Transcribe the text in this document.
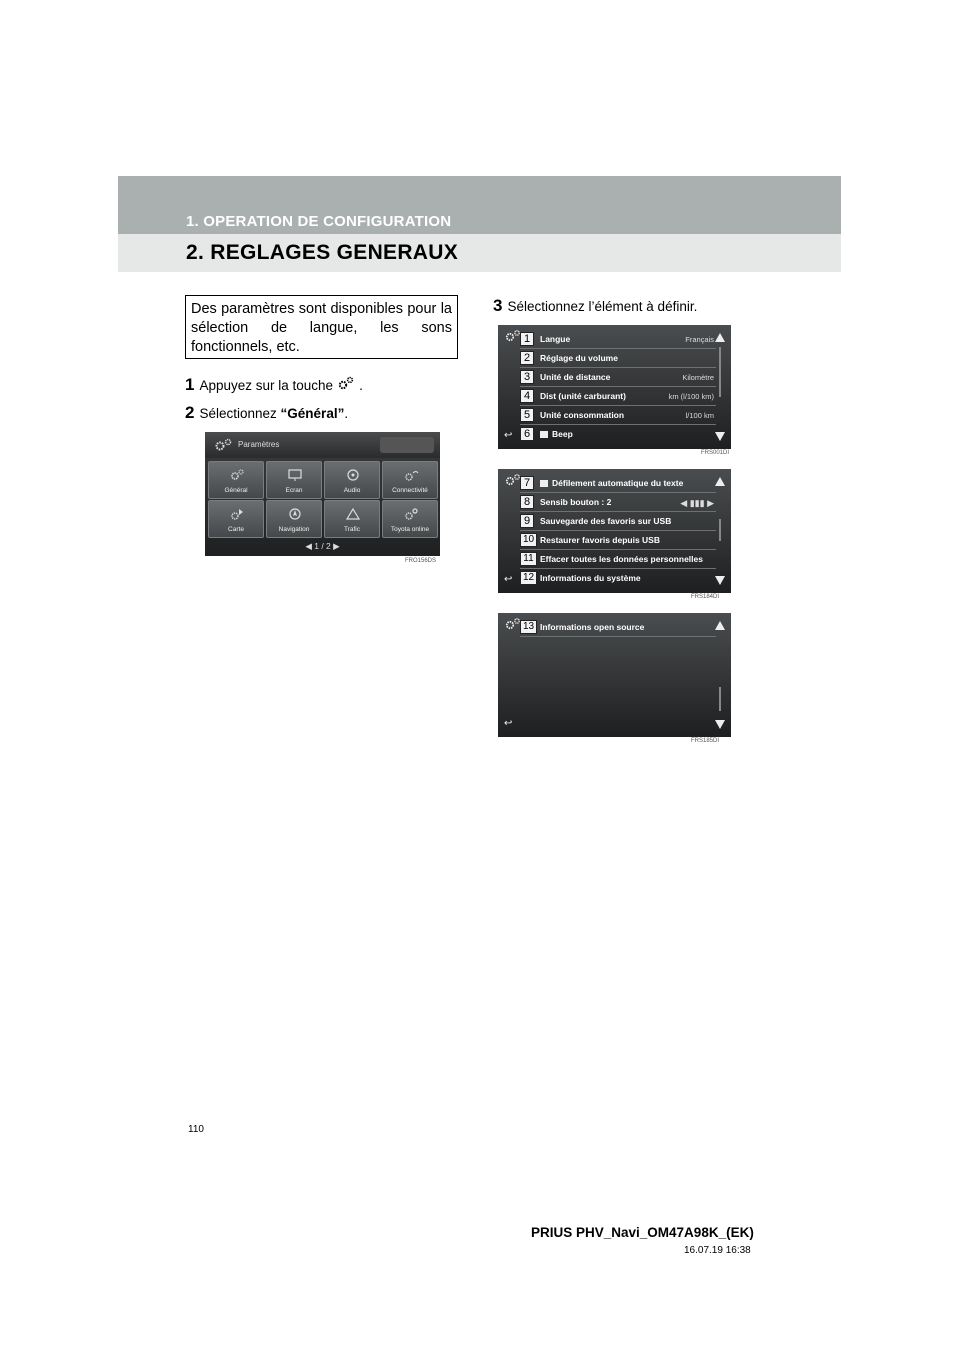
1. OPERATION DE CONFIGURATION
2. REGLAGES GENERAUX
Des paramètres sont disponibles pour la sélection de langue, les sons fonctionnels, etc.
1 Appuyez sur la touche .
2 Sélectionnez
“Général” .
Paramètres
Général	Ecran	Audio	Connectivité
Carte	Navigation	Trafic	Toyota online
◀ 1 / 2 ▶
FRO156DS
3 Sélectionnez l’élément à définir.
1	Langue	Français
2	Réglage du volume
3	Unité de distance	Kilomètre
4	Dist (unité carburant)	km (l/100 km)
5	Unité consommation	l/100 km
6	Beep
↩
FRS001DI
7	Défilement automatique du texte
8	Sensib bouton : 2	◀ ▮▮▮ ▶
9	Sauvegarde des favoris sur USB
10 Restaurer favoris depuis USB
11 Effacer toutes les données personnelles
12 Informations du système
↩
FRS184DI
13 Informations open source
↩
FRS185DI
110
PRIUS PHV_Navi_OM47A98K_(EK)
16.07.19 16:38
